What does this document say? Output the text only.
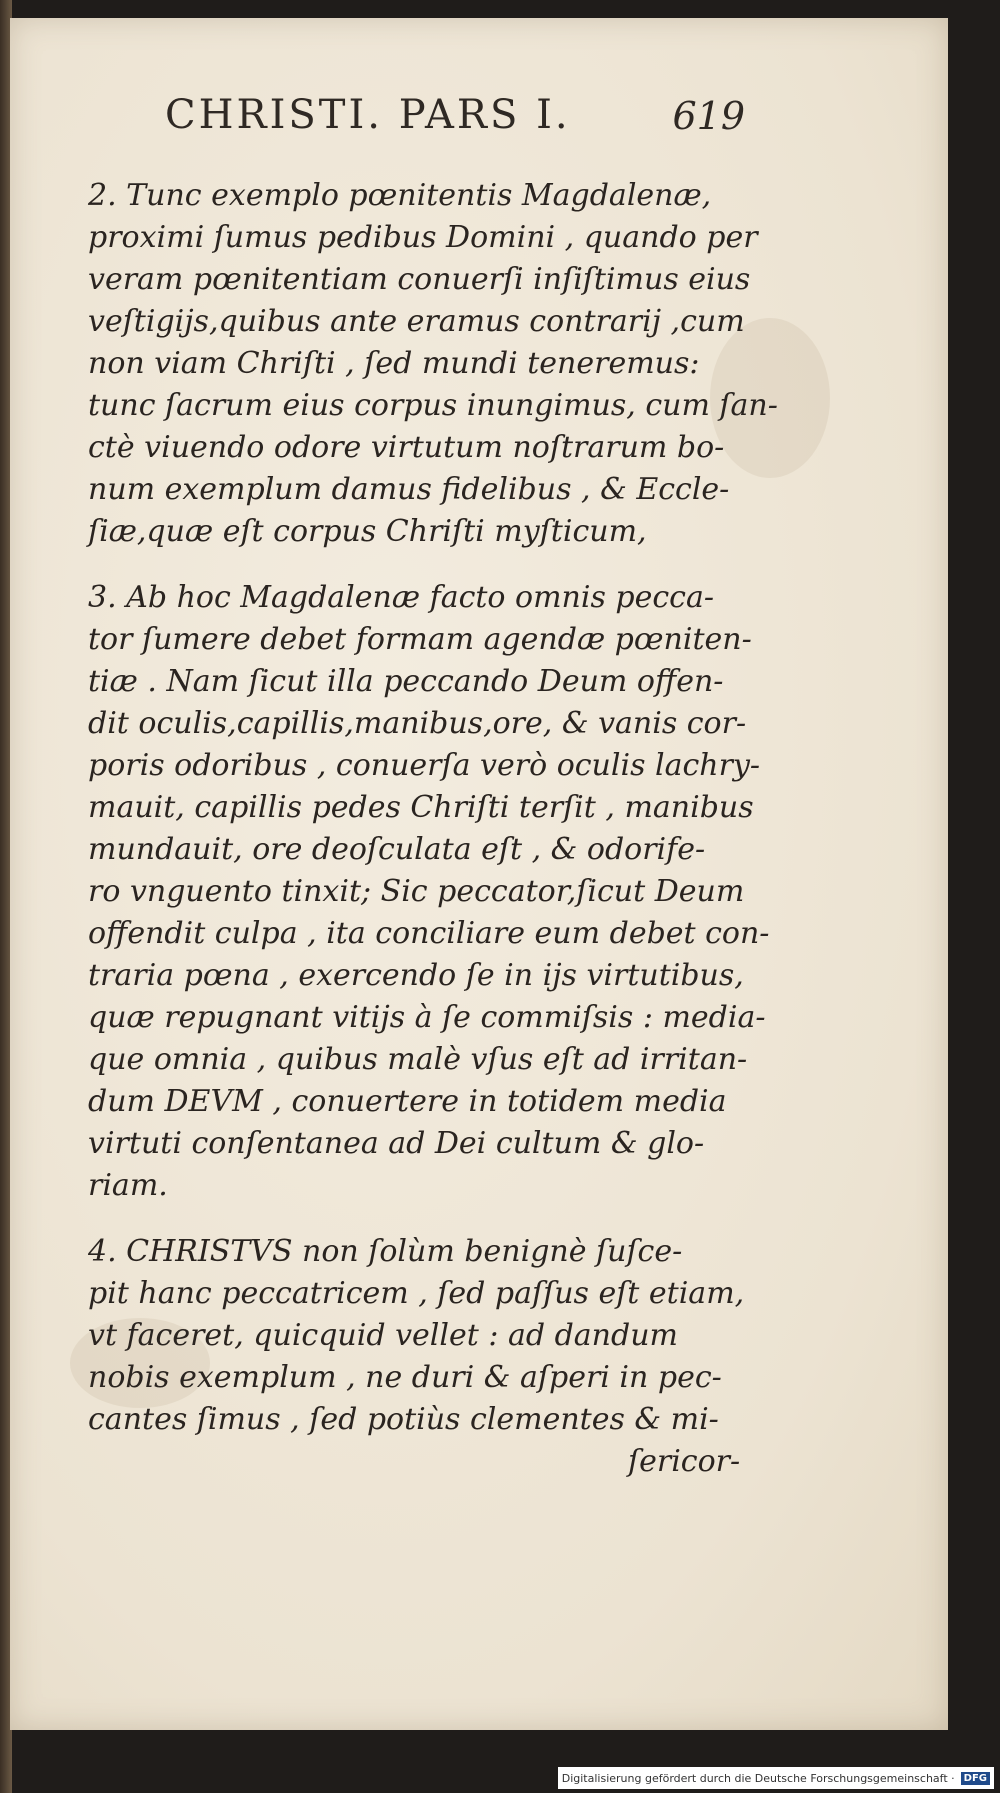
CHRISTI. PARS I.	619

2. Tunc exemplo pœnitentis Magdalenæ,
proximi ſumus pedibus Domini , quando per
veram pœnitentiam conuerſi inſiſtimus eius
veſtigijs,quibus ante eramus contrarij ,cum
non viam Chriſti , ſed mundi teneremus:
tunc ſacrum eius corpus inungimus, cum ſan-
ctè viuendo odore virtutum noſtrarum bo-
num exemplum damus fidelibus , & Eccle-
ſiæ,quæ eſt corpus Chriſti myſticum,

3. Ab hoc Magdalenæ facto omnis pecca-
tor ſumere debet formam agendæ pœniten-
tiæ . Nam ſicut illa peccando Deum offen-
dit oculis,capillis,manibus,ore, & vanis cor-
poris odoribus , conuerſa verò oculis lachry-
mauit, capillis pedes Chriſti terſit , manibus
mundauit, ore deoſculata eſt , & odorife-
ro vnguento tinxit; Sic peccator,ſicut Deum
offendit culpa , ita conciliare eum debet con-
traria pœna , exercendo ſe in ijs virtutibus,
quæ repugnant vitijs à ſe commiſsis : media-
que omnia , quibus malè vſus eſt ad irritan-
dum DEVM , conuertere in totidem media
virtuti conſentanea ad Dei cultum & glo-
riam.

4. CHRISTVS non ſolùm benignè ſuſce-
pit hanc peccatricem , ſed paſſus eſt etiam,
vt faceret, quicquid vellet : ad dandum
nobis exemplum , ne duri & aſperi in pec-
cantes ſimus , ſed potiùs clementes & mi-
ſericor-

Digitalisierung gefördert durch die Deutsche Forschungsgemeinschaft · DFG
